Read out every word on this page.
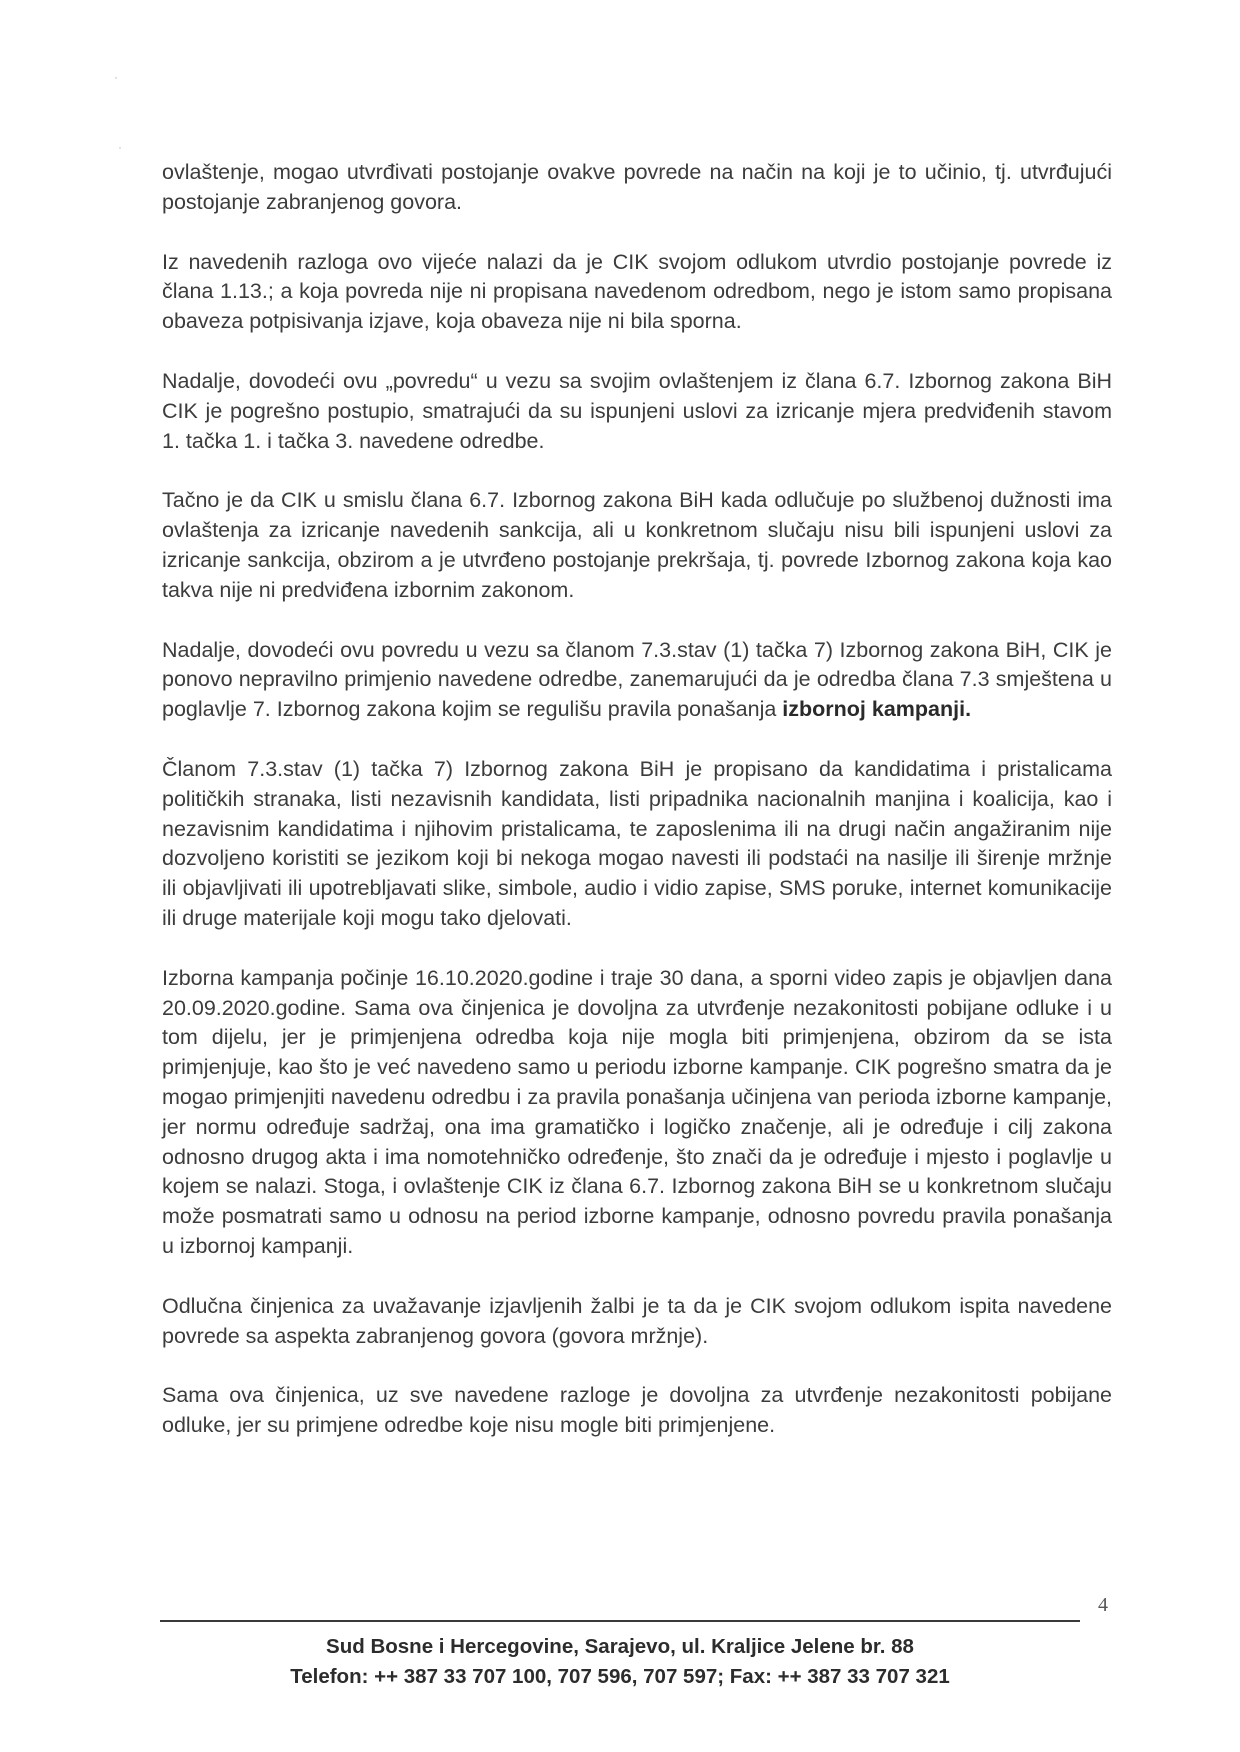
·
·

ovlaštenje, mogao utvrđivati postojanje ovakve povrede na način na koji je to učinio, tj. utvrđujući postojanje zabranjenog govora.

Iz navedenih razloga ovo vijeće nalazi da je CIK svojom odlukom utvrdio postojanje povrede iz člana 1.13.; a koja povreda nije ni propisana navedenom odredbom, nego je istom samo propisana obaveza potpisivanja izjave, koja obaveza nije ni bila sporna.

Nadalje, dovodeći ovu „povredu“ u vezu sa svojim ovlaštenjem iz člana 6.7. Izbornog zakona BiH CIK je pogrešno postupio, smatrajući da su ispunjeni uslovi za izricanje mjera predviđenih stavom 1. tačka 1. i tačka 3. navedene odredbe.

Tačno je da CIK u smislu člana 6.7. Izbornog zakona BiH kada odlučuje po službenoj dužnosti ima ovlaštenja za izricanje navedenih sankcija, ali u konkretnom slučaju nisu bili ispunjeni uslovi za izricanje sankcija, obzirom a je utvrđeno postojanje prekršaja, tj. povrede Izbornog zakona koja kao takva nije ni predviđena izbornim zakonom.

Nadalje, dovodeći ovu povredu u vezu sa članom 7.3.stav (1) tačka 7) Izbornog zakona BiH, CIK je ponovo nepravilno primjenio navedene odredbe, zanemarujući da je odredba člana 7.3 smještena u poglavlje 7. Izbornog zakona kojim se regulišu pravila ponašanja izbornoj kampanji.

Članom 7.3.stav (1) tačka 7) Izbornog zakona BiH je propisano da kandidatima i pristalicama političkih stranaka, listi nezavisnih kandidata, listi pripadnika nacionalnih manjina i koalicija, kao i nezavisnim kandidatima i njihovim pristalicama, te zaposlenima ili na drugi način angažiranim nije dozvoljeno koristiti se jezikom koji bi nekoga mogao navesti ili podstaći na nasilje ili širenje mržnje ili objavljivati ili upotrebljavati slike, simbole, audio i vidio zapise, SMS poruke, internet komunikacije ili druge materijale koji mogu tako djelovati.

Izborna kampanja počinje 16.10.2020.godine i traje 30 dana, a sporni video zapis je objavljen dana 20.09.2020.godine. Sama ova činjenica je dovoljna za utvrđenje nezakonitosti pobijane odluke i u tom dijelu, jer je primjenjena odredba koja nije mogla biti primjenjena, obzirom da se ista primjenjuje, kao što je već navedeno samo u periodu izborne kampanje. CIK pogrešno smatra da je mogao primjenjiti navedenu odredbu i za pravila ponašanja učinjena van perioda izborne kampanje, jer normu određuje sadržaj, ona ima gramatičko i logičko značenje, ali je određuje i cilj zakona odnosno drugog akta i ima nomotehničko određenje, što znači da je određuje i mjesto i poglavlje u kojem se nalazi. Stoga, i ovlaštenje CIK iz člana 6.7. Izbornog zakona BiH se u konkretnom slučaju može posmatrati samo u odnosu na period izborne kampanje, odnosno povredu pravila ponašanja u izbornoj kampanji.

Odlučna činjenica za uvažavanje izjavljenih žalbi je ta da je CIK svojom odlukom ispita navedene povrede sa aspekta zabranjenog govora (govora mržnje).

Sama ova činjenica, uz sve navedene razloge je dovoljna za utvrđenje nezakonitosti pobijane odluke, jer su primjene odredbe koje nisu mogle biti primjenjene.

4
Sud Bosne i Hercegovine, Sarajevo, ul. Kraljice Jelene br. 88
Telefon: ++ 387 33 707 100, 707 596, 707 597; Fax: ++ 387 33 707 321
